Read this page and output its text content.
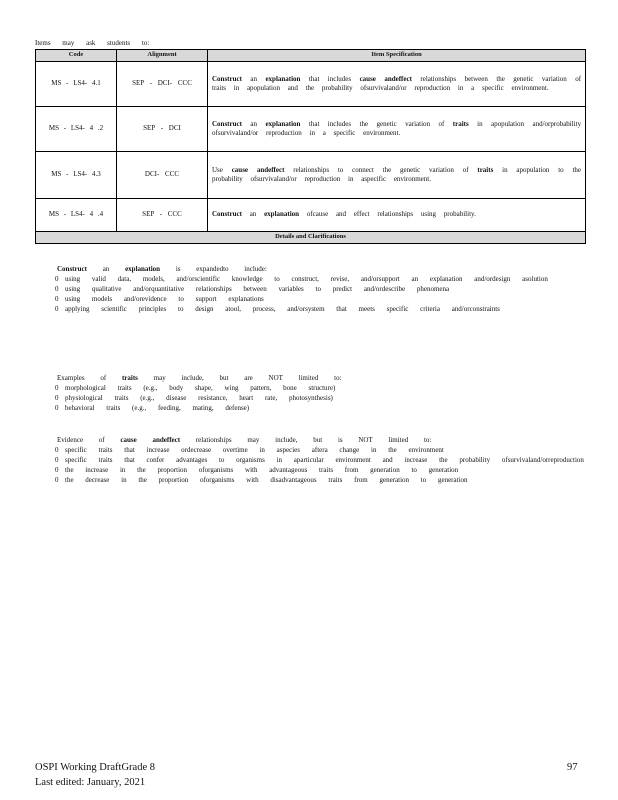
Items may ask students to:
Code	Alignment	Item Specification
MS - LS4- 4.1	SEP - DCI- CCC	Construct an explanation that includes cause andeffect relationships between the genetic variation of traits in apopulation and the probability ofsurvivaland/or reproduction in a specific environment.
MS - LS4- 4 .2	SEP - DCI	Construct an explanation that includes the genetic variation of traits in apopulation and/orprobability ofsurvivaland/or reproduction in a specific environment.
MS - LS4- 4.3	DCI- CCC	Use cause andeffect relationships to connect the genetic variation of traits in apopulation to the probability ofsurvivaland/or reproduction in aspecific environment.
MS - LS4- 4 .4	SEP - CCC	Construct an explanation ofcause and effect relationships using probability.
Details and Clarifications		
Construct an explanation is expandedto include:
0 using valid data, models, and/orscientific knowledge to construct, revise, and/orsupport an explanation and/ordesign asolution
0 using qualitative and/orquantitative relationships between variables to predict and/ordescribe phenomena
0 using models and/orevidence to support explanations
0 applying scientific principles to design atool, process, and/orsystem that meets specific criteria and/orconstraints
Examples of traits may include, but are NOT limited to:
0 morphological traits (e.g., body shape, wing pattern, bone structure)
0 physiological traits (e.g., disease resistance, heart rate, photosynthesis)
0 behavioral traits (e.g., feeding, mating, defense)
Evidence of cause andeffect relationships may include, but is NOT limited to:
0 specific traits that increase ordecrease overtime in aspecies aftera change in the environment
0 specific traits that confer advantages to organisms in aparticular environment and increase the probability ofsurvivaland/orreproduction
0 the increase in the proportion oforganisms with advantageous traits from generation to generation
0 the decrease in the proportion oforganisms with disadvantageous traits from generation to generation
OSPI Working DraftGrade 8
Last edited: January, 2021
97
